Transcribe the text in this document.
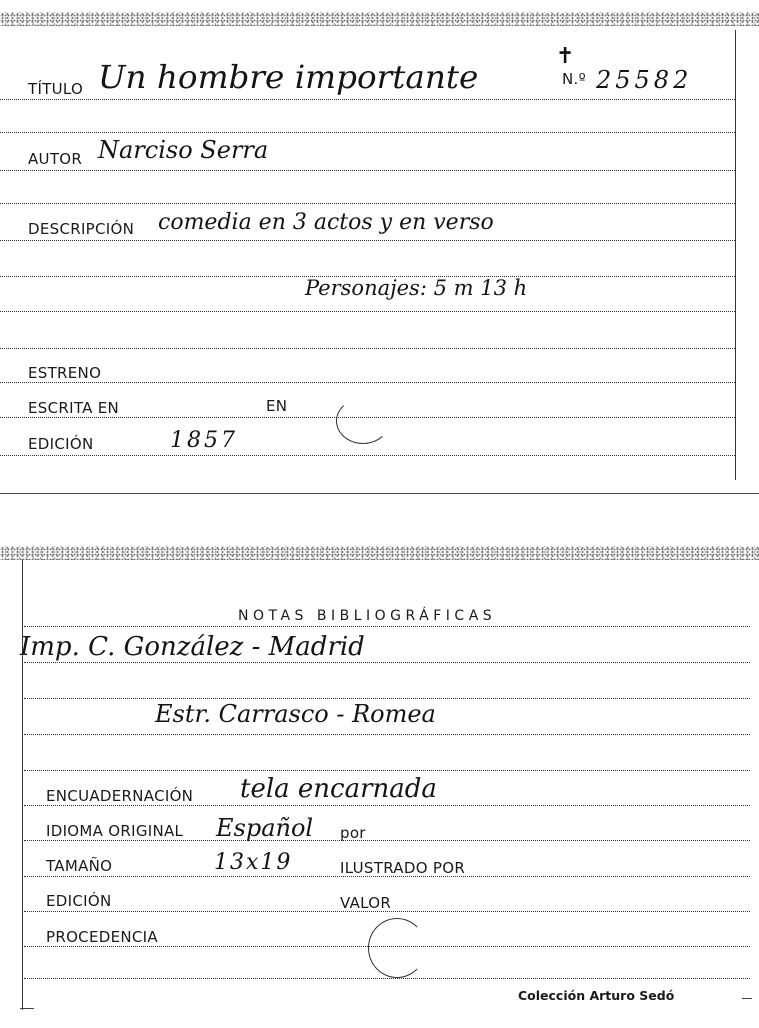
TÍTULO Un hombre importante
✝
N.º 25582
AUTOR Narciso Serra
DESCRIPCIÓN comedia en 3 actos y en verso
Personajes: 5 m 13 h
ESTRENO
ESCRITA EN	EN
EDICIÓN	1857
NOTAS BIBLIOGRÁFICAS
Imp. C. González - Madrid
Estr. Carrasco - Romea
ENCUADERNACIÓN tela encarnada
IDIOMA ORIGINAL Español por
TAMAÑO	13x19	ILUSTRADO POR
EDICIÓN	VALOR
PROCEDENCIA
Colección Arturo Sedó
